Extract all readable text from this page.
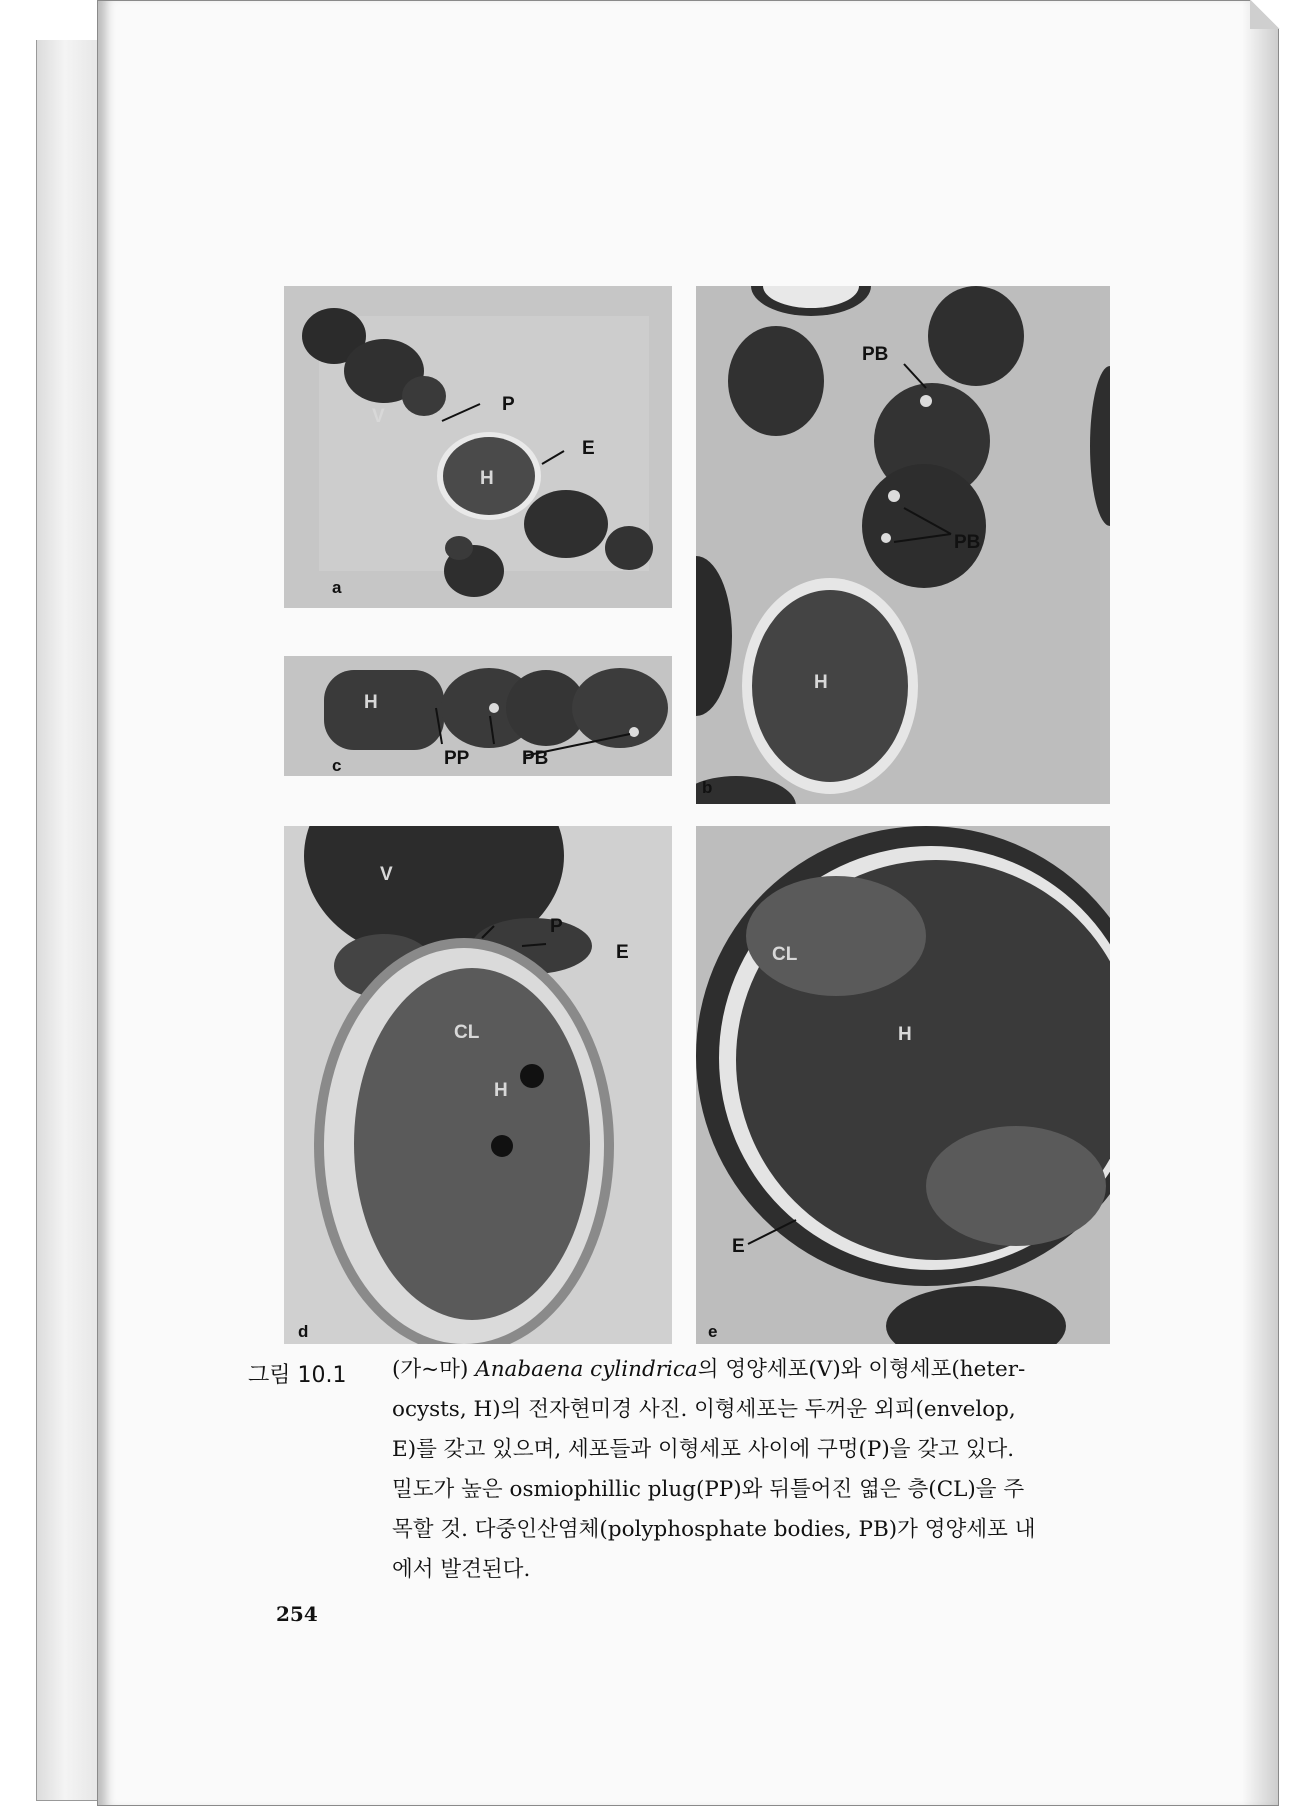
P
E
V
H
a
PB
PB
H
b
H
PP	PB
c
P
E
V
CL
H
d
CL
H
E
e
그림 10.1 (가~마) Anabaena cylindrica의 영양세포(V)와 이형세포(heter-
ocysts, H)의 전자현미경 사진. 이형세포는 두꺼운 외피(envelop,
E)를 갖고 있으며, 세포들과 이형세포 사이에 구멍(P)을 갖고 있다.
밀도가 높은 osmiophillic plug(PP)와 뒤틀어진 엷은 층(CL)을 주
목할 것. 다중인산염체(polyphosphate bodies, PB)가 영양세포 내
에서 발견된다.
254
